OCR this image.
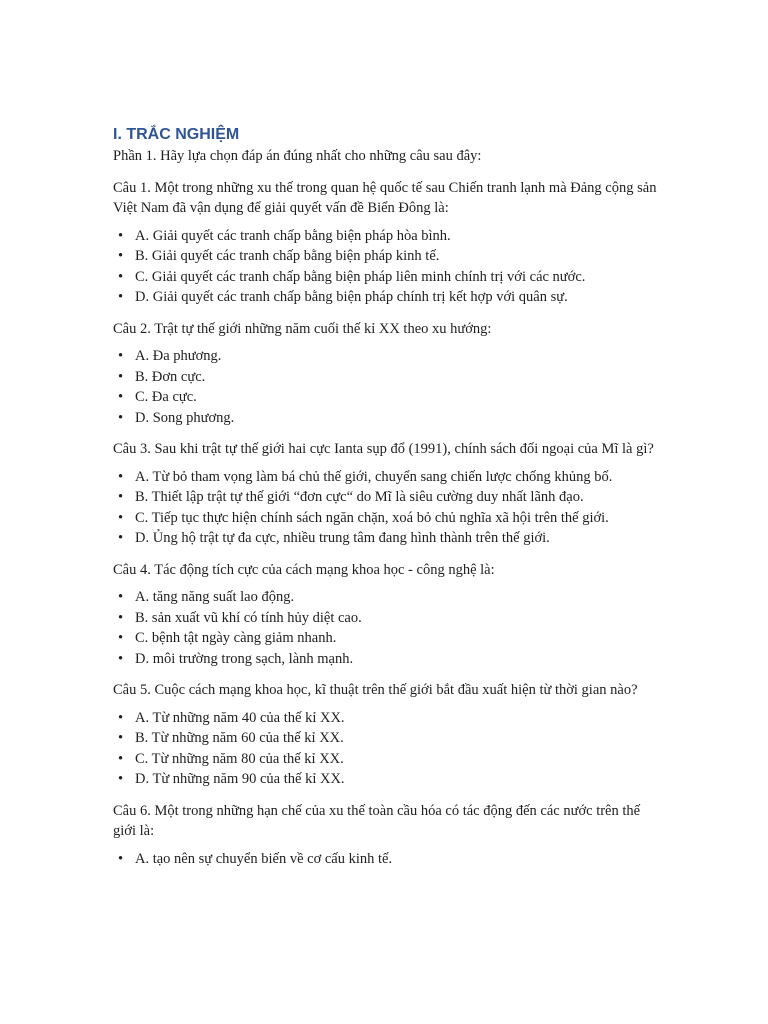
I. TRẮC NGHIỆM

Phần 1. Hãy lựa chọn đáp án đúng nhất cho những câu sau đây:

Câu 1. Một trong những xu thế trong quan hệ quốc tế sau Chiến tranh lạnh mà Đảng cộng sản Việt Nam đã vận dụng để giải quyết vấn đề Biển Đông là:

• A. Giải quyết các tranh chấp bằng biện pháp hòa bình.
• B. Giải quyết các tranh chấp bằng biện pháp kinh tế.
• C. Giải quyết các tranh chấp bằng biện pháp liên minh chính trị với các nước.
• D. Giải quyết các tranh chấp bằng biện pháp chính trị kết hợp với quân sự.

Câu 2. Trật tự thế giới những năm cuối thế kỉ XX theo xu hướng:

• A. Đa phương.
• B. Đơn cực.
• C. Đa cực.
• D. Song phương.

Câu 3. Sau khi trật tự thế giới hai cực Ianta sụp đổ (1991), chính sách đối ngoại của Mĩ là gì?

• A. Từ bỏ tham vọng làm bá chủ thế giới, chuyển sang chiến lược chống khủng bố.
• B. Thiết lập trật tự thế giới “đơn cực“ do Mĩ là siêu cường duy nhất lãnh đạo.
• C. Tiếp tục thực hiện chính sách ngăn chặn, xoá bỏ chủ nghĩa xã hội trên thế giới.
• D. Ủng hộ trật tự đa cực, nhiều trung tâm đang hình thành trên thế giới.

Câu 4. Tác động tích cực của cách mạng khoa học - công nghệ là:

• A. tăng năng suất lao động.
• B. sản xuất vũ khí có tính hủy diệt cao.
• C. bệnh tật ngày càng giảm nhanh.
• D. môi trường trong sạch, lành mạnh.

Câu 5. Cuộc cách mạng khoa học, kĩ thuật trên thế giới bắt đầu xuất hiện từ thời gian nào?

• A. Từ những năm 40 của thế kỉ XX.
• B. Từ những năm 60 của thế kỉ XX.
• C. Từ những năm 80 của thế kỉ XX.
• D. Từ những năm 90 của thế kỉ XX.

Câu 6. Một trong những hạn chế của xu thế toàn cầu hóa có tác động đến các nước trên thế giới là:

• A. tạo nên sự chuyển biến về cơ cấu kinh tế.
